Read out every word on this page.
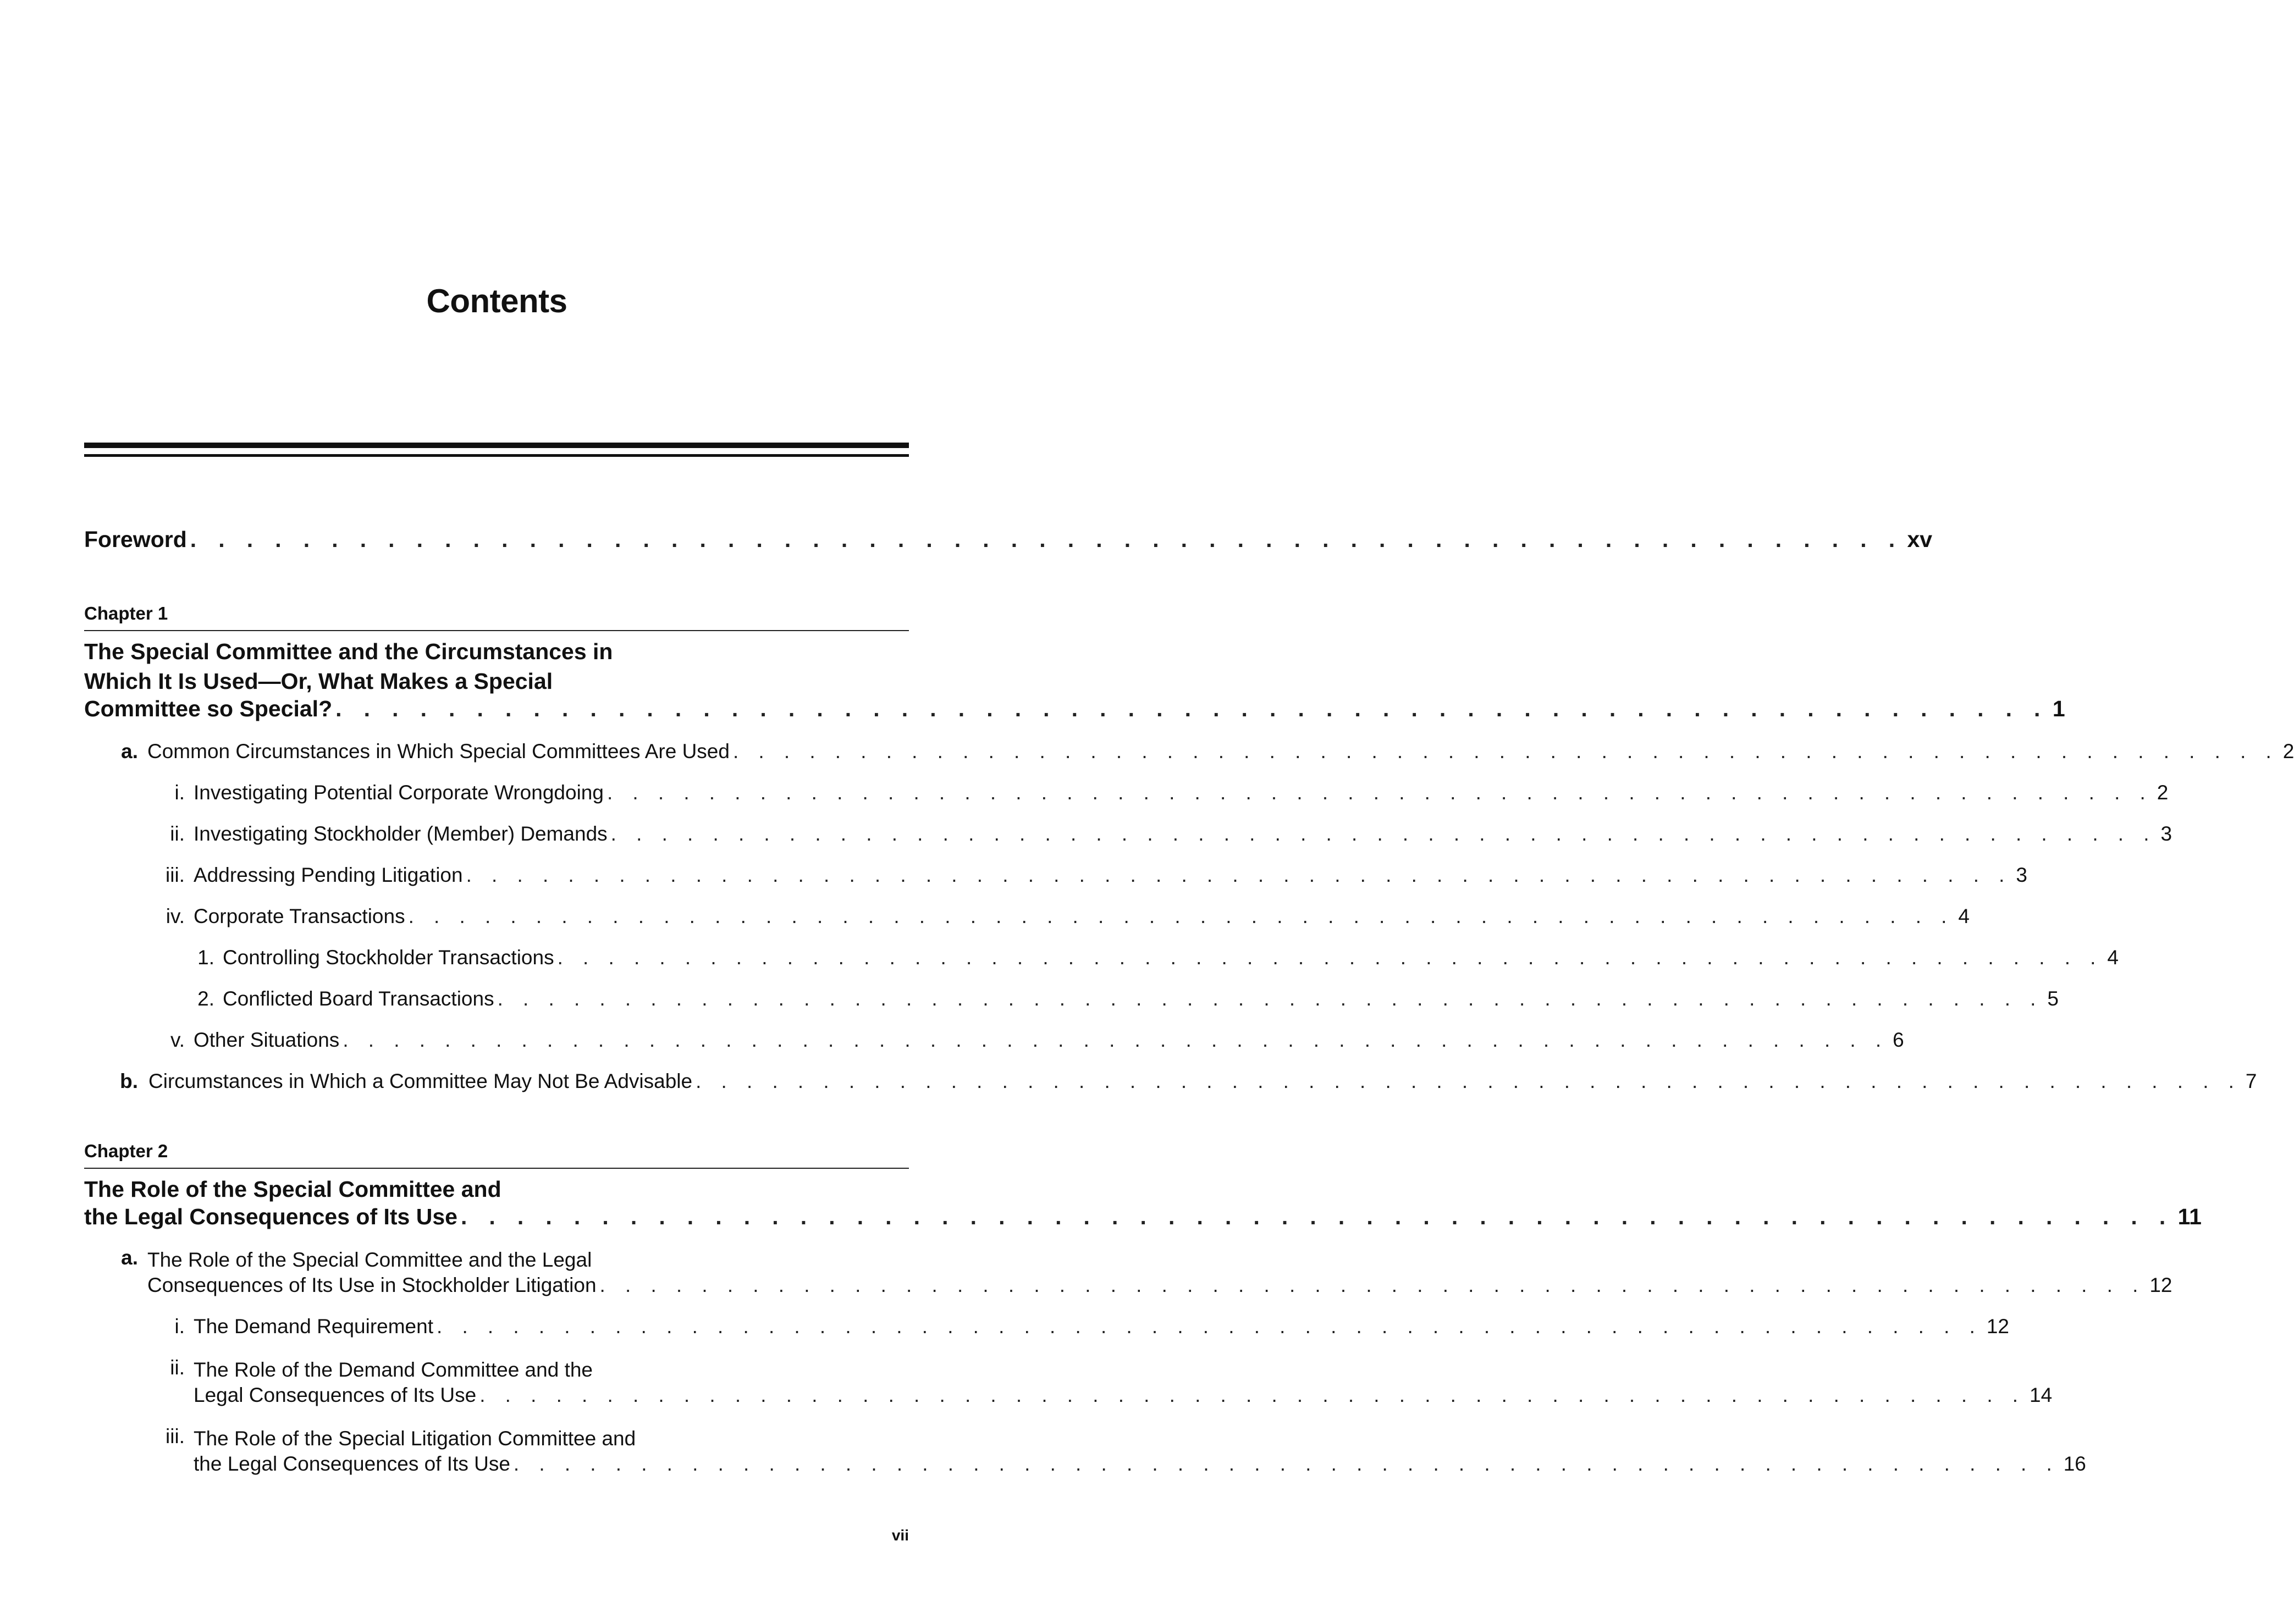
Contents
Foreword . . . . . . . . . . . . . . . . . . . . . . . . . . . . . . . . . . . . . . . . . . . . . . . . . . . . . . . . . . . . . xv
Chapter 1
The Special Committee and the Circumstances in
Which It Is Used—Or, What Makes a Special
Committee so Special? . . . . . . . . . . . . . . . . . . . . . . . . . . . . . . . . . . . . . . . . . . . . . . . . . . . . . . . . . . . . . 1
a. Common Circumstances in Which Special Committees Are Used . . . . . . . . . . . . . . . . . . . . . . . . . . . . . . . . . . . . . . . . . . . . . . . . . . . . . . . . . . . . . 2
i. Investigating Potential Corporate Wrongdoing . . . . . . . . . . . . . . . . . . . . . . . . . . . . . . . . . . . . . . . . . . . . . . . . . . . . . . . . . . . . . 2
ii. Investigating Stockholder (Member) Demands . . . . . . . . . . . . . . . . . . . . . . . . . . . . . . . . . . . . . . . . . . . . . . . . . . . . . . . . . . . . . 3
iii. Addressing Pending Litigation . . . . . . . . . . . . . . . . . . . . . . . . . . . . . . . . . . . . . . . . . . . . . . . . . . . . . . . . . . . . . 3
iv. Corporate Transactions . . . . . . . . . . . . . . . . . . . . . . . . . . . . . . . . . . . . . . . . . . . . . . . . . . . . . . . . . . . . . 4
1. Controlling Stockholder Transactions . . . . . . . . . . . . . . . . . . . . . . . . . . . . . . . . . . . . . . . . . . . . . . . . . . . . . . . . . . . . . 4
2. Conflicted Board Transactions . . . . . . . . . . . . . . . . . . . . . . . . . . . . . . . . . . . . . . . . . . . . . . . . . . . . . . . . . . . . . 5
v. Other Situations . . . . . . . . . . . . . . . . . . . . . . . . . . . . . . . . . . . . . . . . . . . . . . . . . . . . . . . . . . . . . 6
b. Circumstances in Which a Committee May Not Be Advisable . . . . . . . . . . . . . . . . . . . . . . . . . . . . . . . . . . . . . . . . . . . . . . . . . . . . . . . . . . . . . 7
Chapter 2
The Role of the Special Committee and
the Legal Consequences of Its Use . . . . . . . . . . . . . . . . . . . . . . . . . . . . . . . . . . . . . . . . . . . . . . . . . . . . . . . . . . . . . 11
a. The Role of the Special Committee and the Legal
Consequences of Its Use in Stockholder Litigation . . . . . . . . . . . . . . . . . . . . . . . . . . . . . . . . . . . . . . . . . . . . . . . . . . . . . . . . . . . . . 12
i. The Demand Requirement . . . . . . . . . . . . . . . . . . . . . . . . . . . . . . . . . . . . . . . . . . . . . . . . . . . . . . . . . . . . . 12
ii. The Role of the Demand Committee and the
Legal Consequences of Its Use . . . . . . . . . . . . . . . . . . . . . . . . . . . . . . . . . . . . . . . . . . . . . . . . . . . . . . . . . . . . . 14
iii. The Role of the Special Litigation Committee and
the Legal Consequences of Its Use . . . . . . . . . . . . . . . . . . . . . . . . . . . . . . . . . . . . . . . . . . . . . . . . . . . . . . . . . . . . . 16
vii
